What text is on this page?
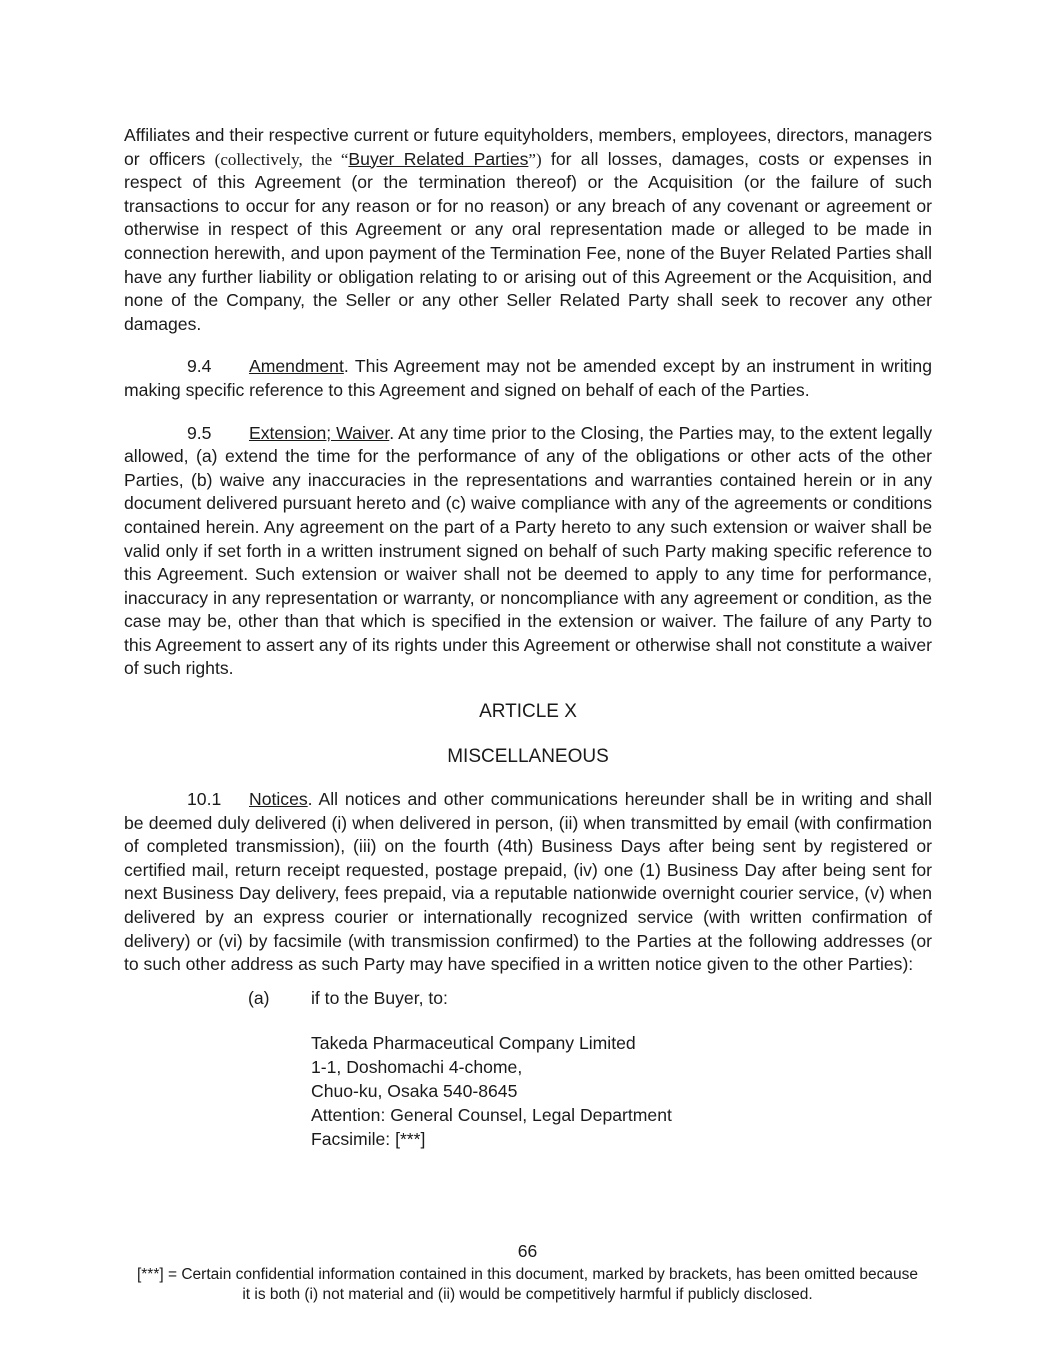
Affiliates and their respective current or future equityholders, members, employees, directors, managers or officers (collectively, the “Buyer Related Parties”) for all losses, damages, costs or expenses in respect of this Agreement (or the termination thereof) or the Acquisition (or the failure of such transactions to occur for any reason or for no reason) or any breach of any covenant or agreement or otherwise in respect of this Agreement or any oral representation made or alleged to be made in connection herewith, and upon payment of the Termination Fee, none of the Buyer Related Parties shall have any further liability or obligation relating to or arising out of this Agreement or the Acquisition, and none of the Company, the Seller or any other Seller Related Party shall seek to recover any other damages.

9.4 Amendment. This Agreement may not be amended except by an instrument in writing making specific reference to this Agreement and signed on behalf of each of the Parties.

9.5 Extension; Waiver. At any time prior to the Closing, the Parties may, to the extent legally allowed, (a) extend the time for the performance of any of the obligations or other acts of the other Parties, (b) waive any inaccuracies in the representations and warranties contained herein or in any document delivered pursuant hereto and (c) waive compliance with any of the agreements or conditions contained herein. Any agreement on the part of a Party hereto to any such extension or waiver shall be valid only if set forth in a written instrument signed on behalf of such Party making specific reference to this Agreement. Such extension or waiver shall not be deemed to apply to any time for performance, inaccuracy in any representation or warranty, or noncompliance with any agreement or condition, as the case may be, other than that which is specified in the extension or waiver. The failure of any Party to this Agreement to assert any of its rights under this Agreement or otherwise shall not constitute a waiver of such rights.

ARTICLE X
MISCELLANEOUS

10.1 Notices. All notices and other communications hereunder shall be in writing and shall be deemed duly delivered (i) when delivered in person, (ii) when transmitted by email (with confirmation of completed transmission), (iii) on the fourth (4th) Business Days after being sent by registered or certified mail, return receipt requested, postage prepaid, (iv) one (1) Business Day after being sent for next Business Day delivery, fees prepaid, via a reputable nationwide overnight courier service, (v) when delivered by an express courier or internationally recognized service (with written confirmation of delivery) or (vi) by facsimile (with transmission confirmed) to the Parties at the following addresses (or to such other address as such Party may have specified in a written notice given to the other Parties):

(a) if to the Buyer, to:
Takeda Pharmaceutical Company Limited
1-1, Doshomachi 4-chome,
Chuo-ku, Osaka 540-8645
Attention: General Counsel, Legal Department
Facsimile: [***]
66
[***] = Certain confidential information contained in this document, marked by brackets, has been omitted because
it is both (i) not material and (ii) would be competitively harmful if publicly disclosed.
